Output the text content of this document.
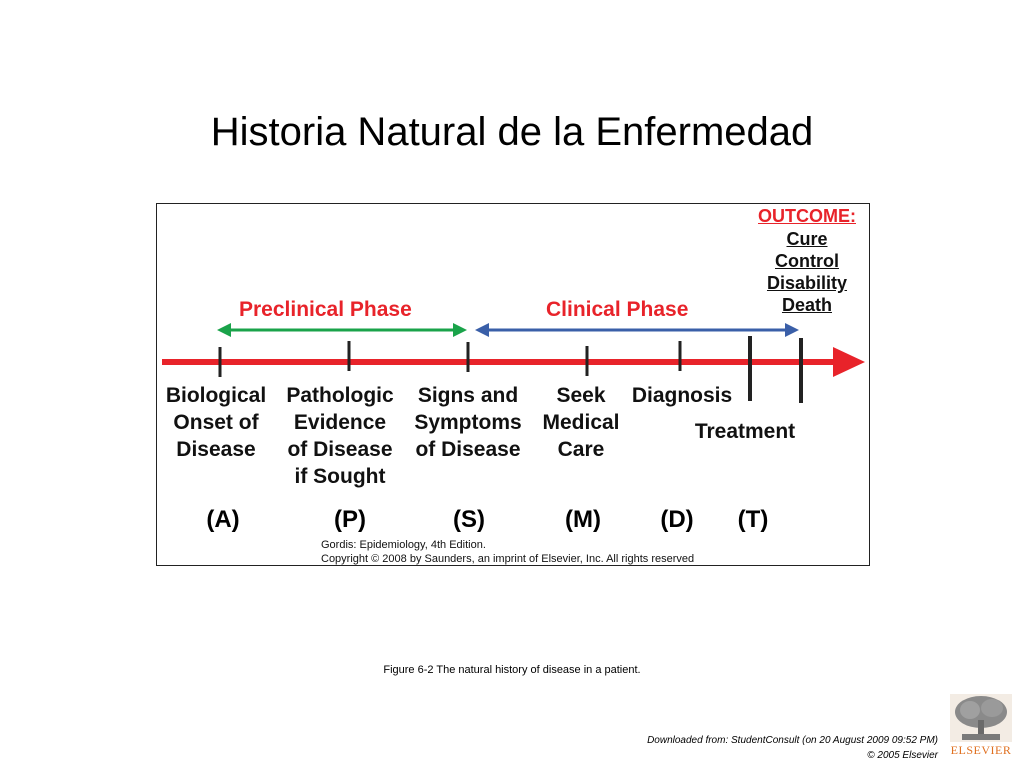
Historia Natural de la Enfermedad
Preclinical Phase	Clinical Phase
OUTCOME:
Cure
Control
Disability
Death
Biological
Onset of
Disease
Pathologic
Evidence
of Disease
if Sought
Signs and
Symptoms
of Disease
Seek
Medical
Care
Diagnosis
Treatment
(A)	(P)	(S)	(M)	(D)	(T)
Gordis: Epidemiology, 4th Edition.
Copyright © 2008 by Saunders, an imprint of Elsevier, Inc. All rights reserved
Figure 6-2 The natural history of disease in a patient.
Downloaded from: StudentConsult (on 20 August 2009 09:52 PM)
© 2005 Elsevier ELSEVIER
